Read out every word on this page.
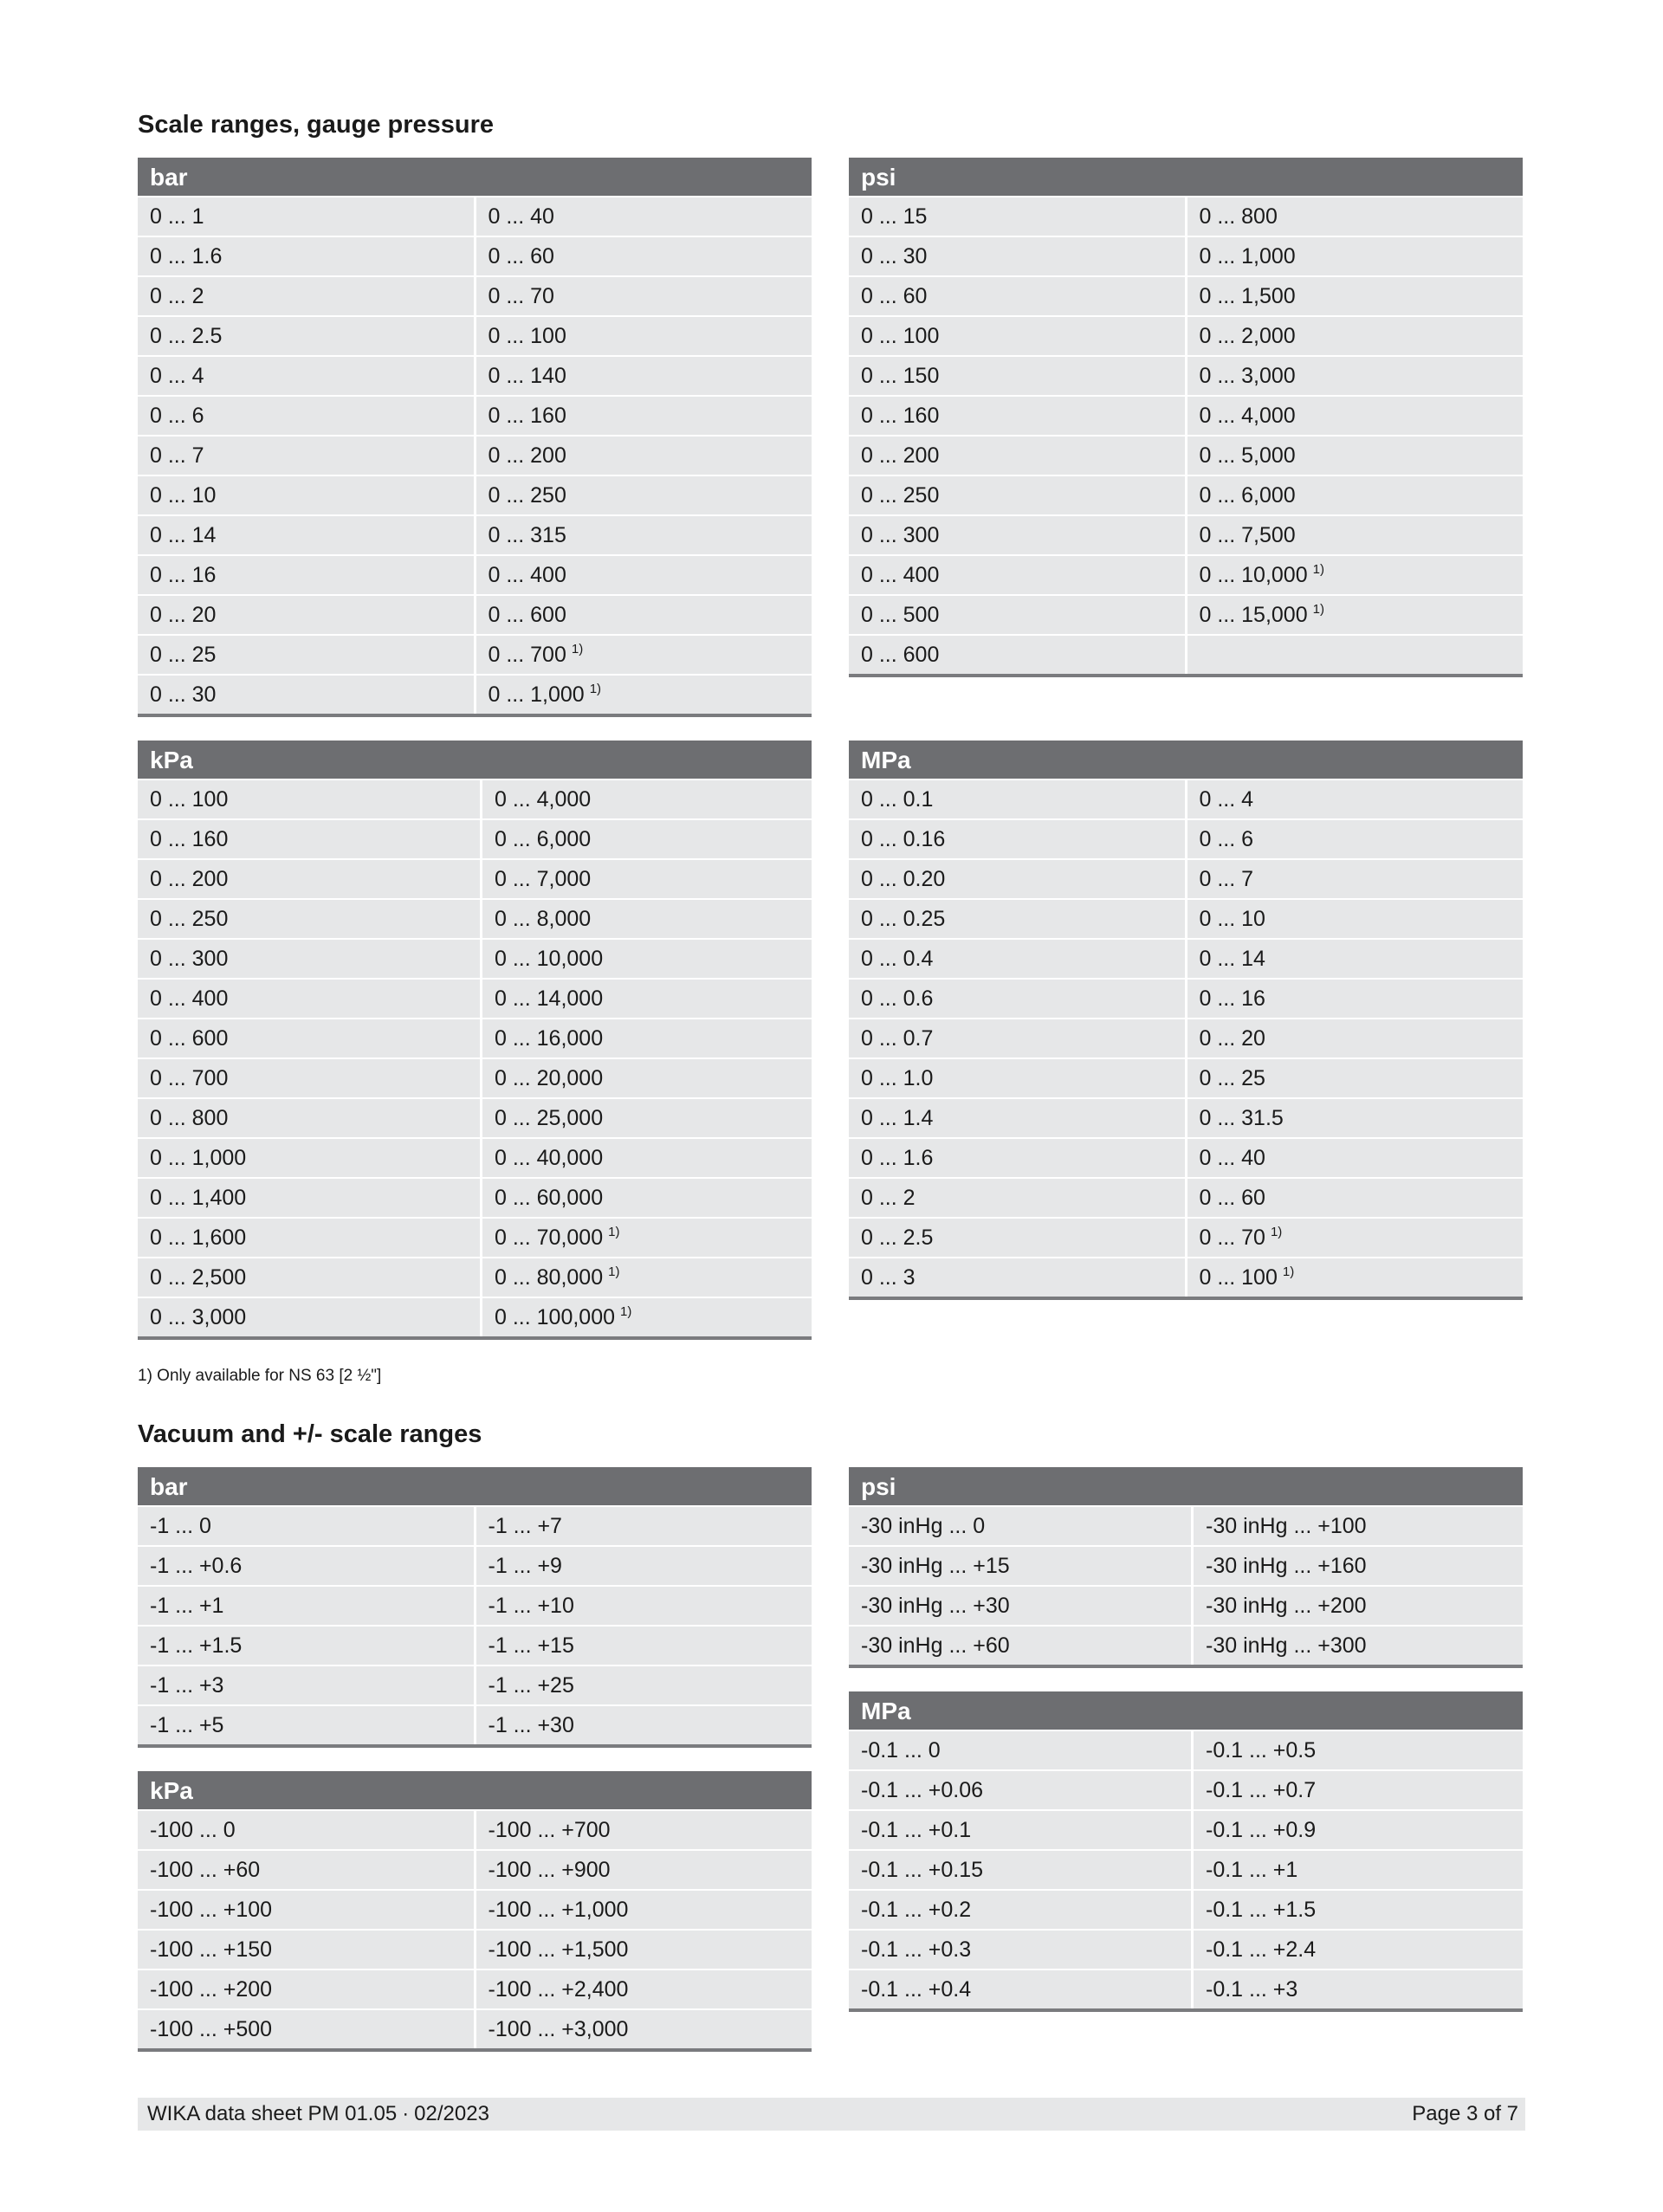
Scale ranges, gauge pressure
bar
0 ... 1	0 ... 40
0 ... 1.6	0 ... 60
0 ... 2	0 ... 70
0 ... 2.5	0 ... 100
0 ... 4	0 ... 140
0 ... 6	0 ... 160
0 ... 7	0 ... 200
0 ... 10	0 ... 250
0 ... 14	0 ... 315
0 ... 16	0 ... 400
0 ... 20	0 ... 600
0 ... 25	0 ... 700 $^{1)}$
0 ... 30	0 ... 1,000 $^{1)}$
psi
0 ... 15	0 ... 800
0 ... 30	0 ... 1,000
0 ... 60	0 ... 1,500
0 ... 100	0 ... 2,000
0 ... 150	0 ... 3,000
0 ... 160	0 ... 4,000
0 ... 200	0 ... 5,000
0 ... 250	0 ... 6,000
0 ... 300	0 ... 7,500
0 ... 400	0 ... 10,000 $^{1)}$
0 ... 500	0 ... 15,000 $^{1)}$
0 ... 600
kPa
0 ... 100	0 ... 4,000
0 ... 160	0 ... 6,000
0 ... 200	0 ... 7,000
0 ... 250	0 ... 8,000
0 ... 300	0 ... 10,000
0 ... 400	0 ... 14,000
0 ... 600	0 ... 16,000
0 ... 700	0 ... 20,000
0 ... 800	0 ... 25,000
0 ... 1,000	0 ... 40,000
0 ... 1,400	0 ... 60,000
0 ... 1,600	0 ... 70,000 $^{1)}$
0 ... 2,500	0 ... 80,000 $^{1)}$
0 ... 3,000	0 ... 100,000 $^{1)}$
MPa
0 ... 0.1	0 ... 4
0 ... 0.16	0 ... 6
0 ... 0.20	0 ... 7
0 ... 0.25	0 ... 10
0 ... 0.4	0 ... 14
0 ... 0.6	0 ... 16
0 ... 0.7	0 ... 20
0 ... 1.0	0 ... 25
0 ... 1.4	0 ... 31.5
0 ... 1.6	0 ... 40
0 ... 2	0 ... 60
0 ... 2.5	0 ... 70 $^{1)}$
0 ... 3	0 ... 100 $^{1)}$

1) Only available for NS 63 [2 ½"]

Vacuum and +/- scale ranges
bar
-1 ... 0	-1 ... +7
-1 ... +0.6	-1 ... +9
-1 ... +1	-1 ... +10
-1 ... +1.5	-1 ... +15
-1 ... +3	-1 ... +25
-1 ... +5	-1 ... +30
psi
-30 inHg ... 0	-30 inHg ... +100
-30 inHg ... +15	-30 inHg ... +160
-30 inHg ... +30	-30 inHg ... +200
-30 inHg ... +60	-30 inHg ... +300
kPa
-100 ... 0	-100 ... +700
-100 ... +60	-100 ... +900
-100 ... +100	-100 ... +1,000
-100 ... +150	-100 ... +1,500
-100 ... +200	-100 ... +2,400
-100 ... +500	-100 ... +3,000
MPa
-0.1 ... 0	-0.1 ... +0.5
-0.1 ... +0.06	-0.1 ... +0.7
-0.1 ... +0.1	-0.1 ... +0.9
-0.1 ... +0.15	-0.1 ... +1
-0.1 ... +0.2	-0.1 ... +1.5
-0.1 ... +0.3	-0.1 ... +2.4
-0.1 ... +0.4	-0.1 ... +3
WIKA data sheet PM 01.05 ∙ 02/2023	Page 3 of 7
